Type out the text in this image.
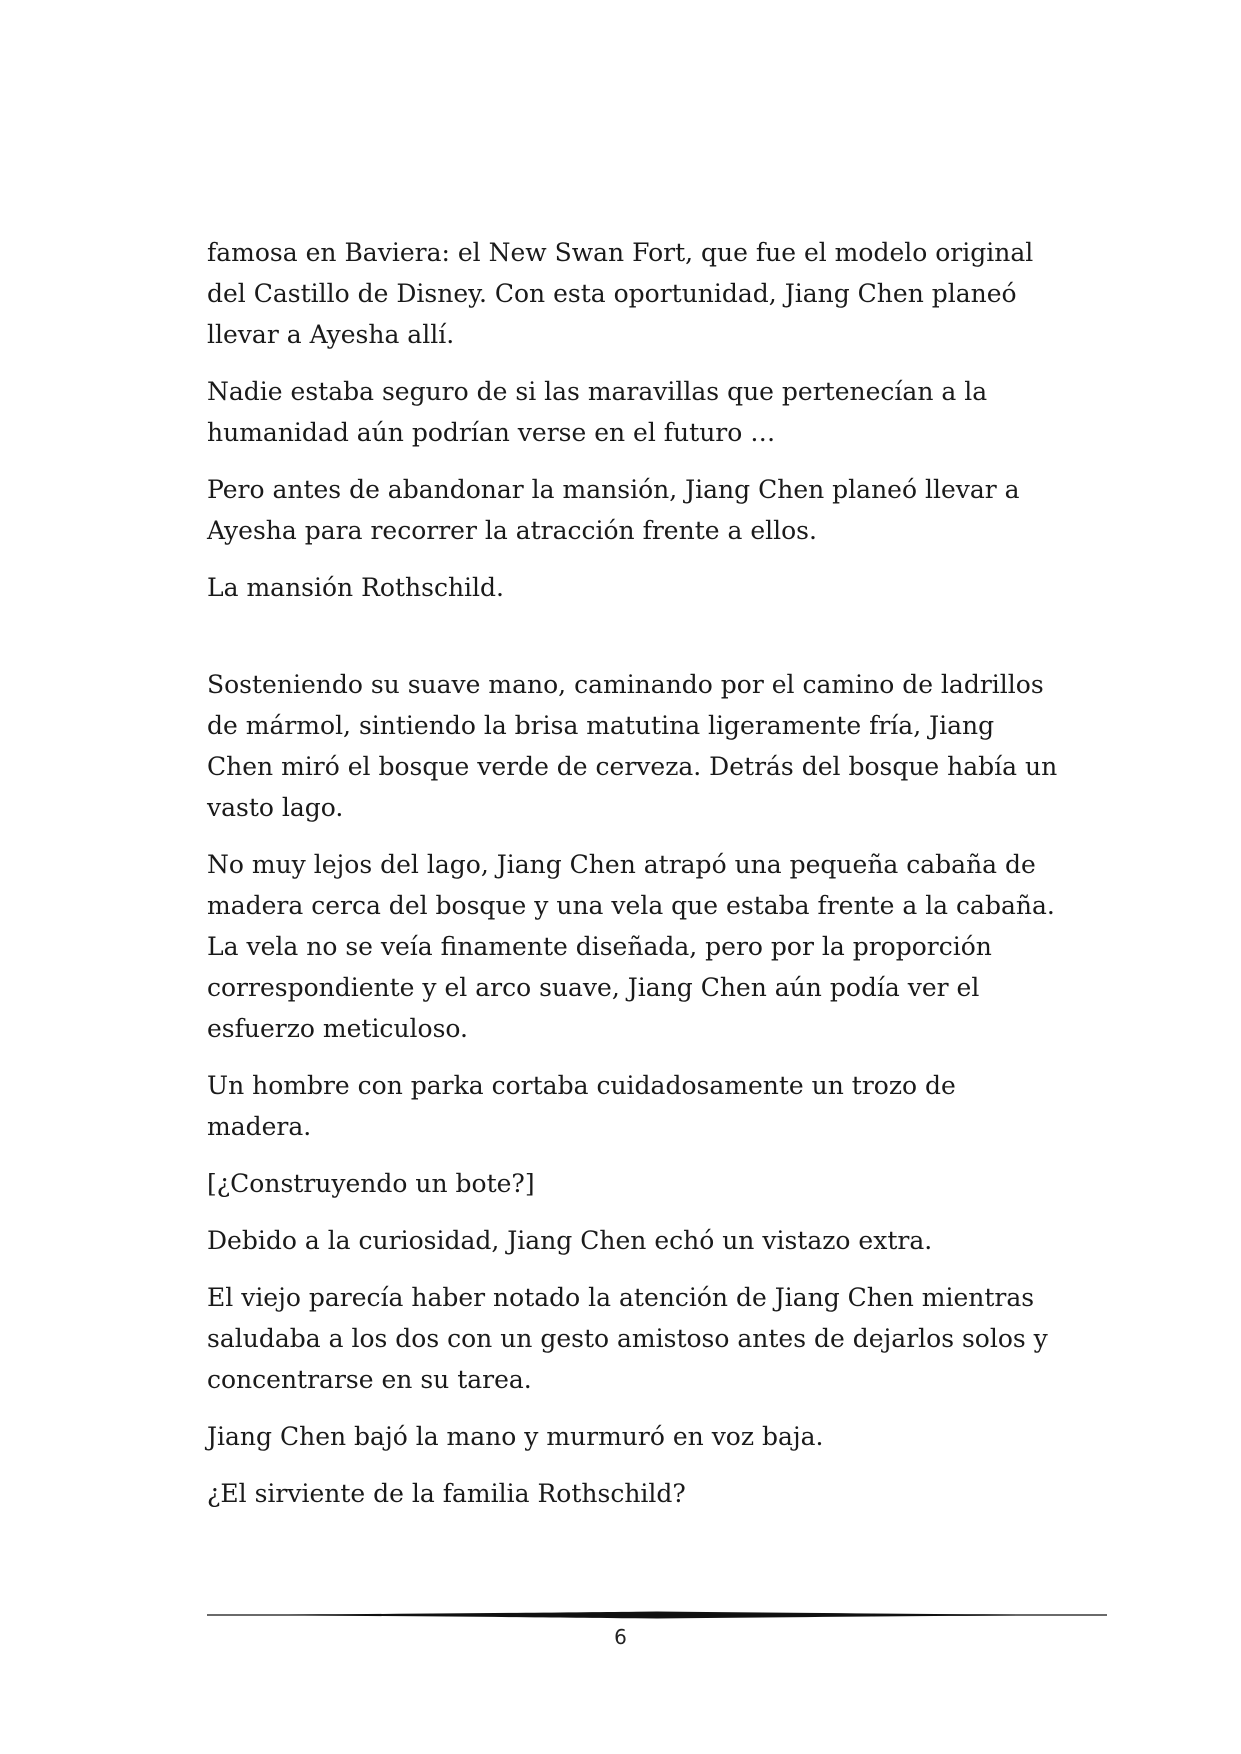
famosa en Baviera: el New Swan Fort, que fue el modelo original del Castillo de Disney. Con esta oportunidad, Jiang Chen planeó llevar a Ayesha allí.

Nadie estaba seguro de si las maravillas que pertenecían a la humanidad aún podrían verse en el futuro …

Pero antes de abandonar la mansión, Jiang Chen planeó llevar a Ayesha para recorrer la atracción frente a ellos.

La mansión Rothschild.

Sosteniendo su suave mano, caminando por el camino de ladrillos de mármol, sintiendo la brisa matutina ligeramente fría, Jiang Chen miró el bosque verde de cerveza. Detrás del bosque había un vasto lago.

No muy lejos del lago, Jiang Chen atrapó una pequeña cabaña de madera cerca del bosque y una vela que estaba frente a la cabaña. La vela no se veía finamente diseñada, pero por la proporción correspondiente y el arco suave, Jiang Chen aún podía ver el esfuerzo meticuloso.

Un hombre con parka cortaba cuidadosamente un trozo de madera.

[¿Construyendo un bote?]

Debido a la curiosidad, Jiang Chen echó un vistazo extra.

El viejo parecía haber notado la atención de Jiang Chen mientras saludaba a los dos con un gesto amistoso antes de dejarlos solos y concentrarse en su tarea.

Jiang Chen bajó la mano y murmuró en voz baja.

¿El sirviente de la familia Rothschild?

6
